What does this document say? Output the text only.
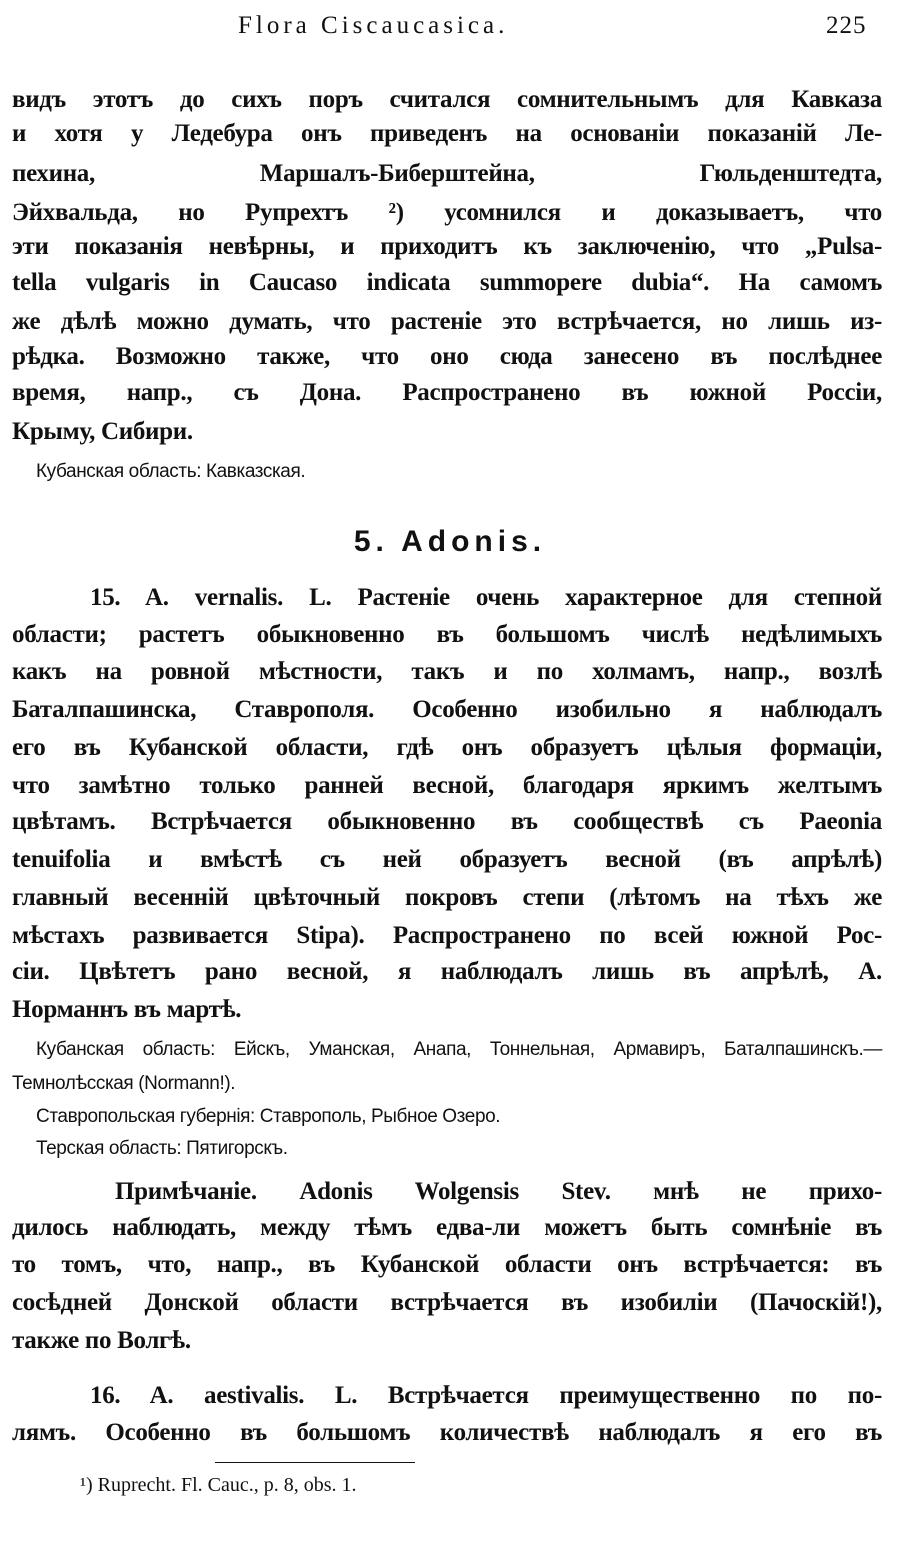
Flora Ciscaucasica.	225
видъ этотъ до сихъ поръ считался сомнительнымъ для Кавказа
и хотя у Ледебура онъ приведенъ на основаніи показаній Ле-
пехина, Маршалъ-Биберштейна, Гюльденштедта,
Эйхвальда, но Рупрехтъ ²) усомнился и доказываетъ, что
эти показанія невѣрны, и приходитъ къ заключенію, что „Pulsa-
tella vulgaris in Caucaso indicata summopere dubia“. На самомъ
же дѣлѣ можно думать, что растеніе это встрѣчается, но лишь из-
рѣдка. Возможно также, что оно сюда занесено въ послѣднее
время, напр., съ Дона. Распространено въ южной Россіи,
Крыму, Сибири.
Кубанская область: Кавказская.
5. Adonis.
15. A. vernalis. L. Растеніе очень характерное для степной
области; растетъ обыкновенно въ большомъ числѣ недѣлимыхъ
какъ на ровной мѣстности, такъ и по холмамъ, напр., возлѣ
Баталпашинска, Ставрополя. Особенно изобильно я наблюдалъ
его въ Кубанской области, гдѣ онъ образуетъ цѣлыя формаціи,
что замѣтно только ранней весной, благодаря яркимъ желтымъ
цвѣтамъ. Встрѣчается обыкновенно въ сообществѣ съ Paeonia
tenuifolia и вмѣстѣ съ ней образуетъ весной (въ апрѣлѣ)
главный весенній цвѣточный покровъ степи (лѣтомъ на тѣхъ же
мѣстахъ развивается Stipa). Распространено по всей южной Рос-
сіи. Цвѣтетъ рано весной, я наблюдалъ лишь въ апрѣлѣ, А.
Норманнъ въ мартѣ.
Кубанская область: Ейскъ, Уманская, Анапа, Тоннельная, Армавиръ, Баталпашинскъ.—
Темнолѣсская (Normann!).
Ставропольская губернія: Ставрополь, Рыбное Озеро.
Терская область: Пятигорскъ.
Примѣчаніе. Adonis Wolgensis Stev. мнѣ не прихо-
дилось наблюдать, между тѣмъ едва-ли можетъ быть сомнѣніе въ
то томъ, что, напр., въ Кубанской области онъ встрѣчается: въ
сосѣдней Донской области встрѣчается въ изобиліи (Пачоскій!),
также по Волгѣ.
16. A. aestivalis. L. Встрѣчается преимущественно по по-
лямъ. Особенно въ большомъ количествѣ наблюдалъ я его въ
¹) Ruprecht. Fl. Cauc., p. 8, obs. 1.
